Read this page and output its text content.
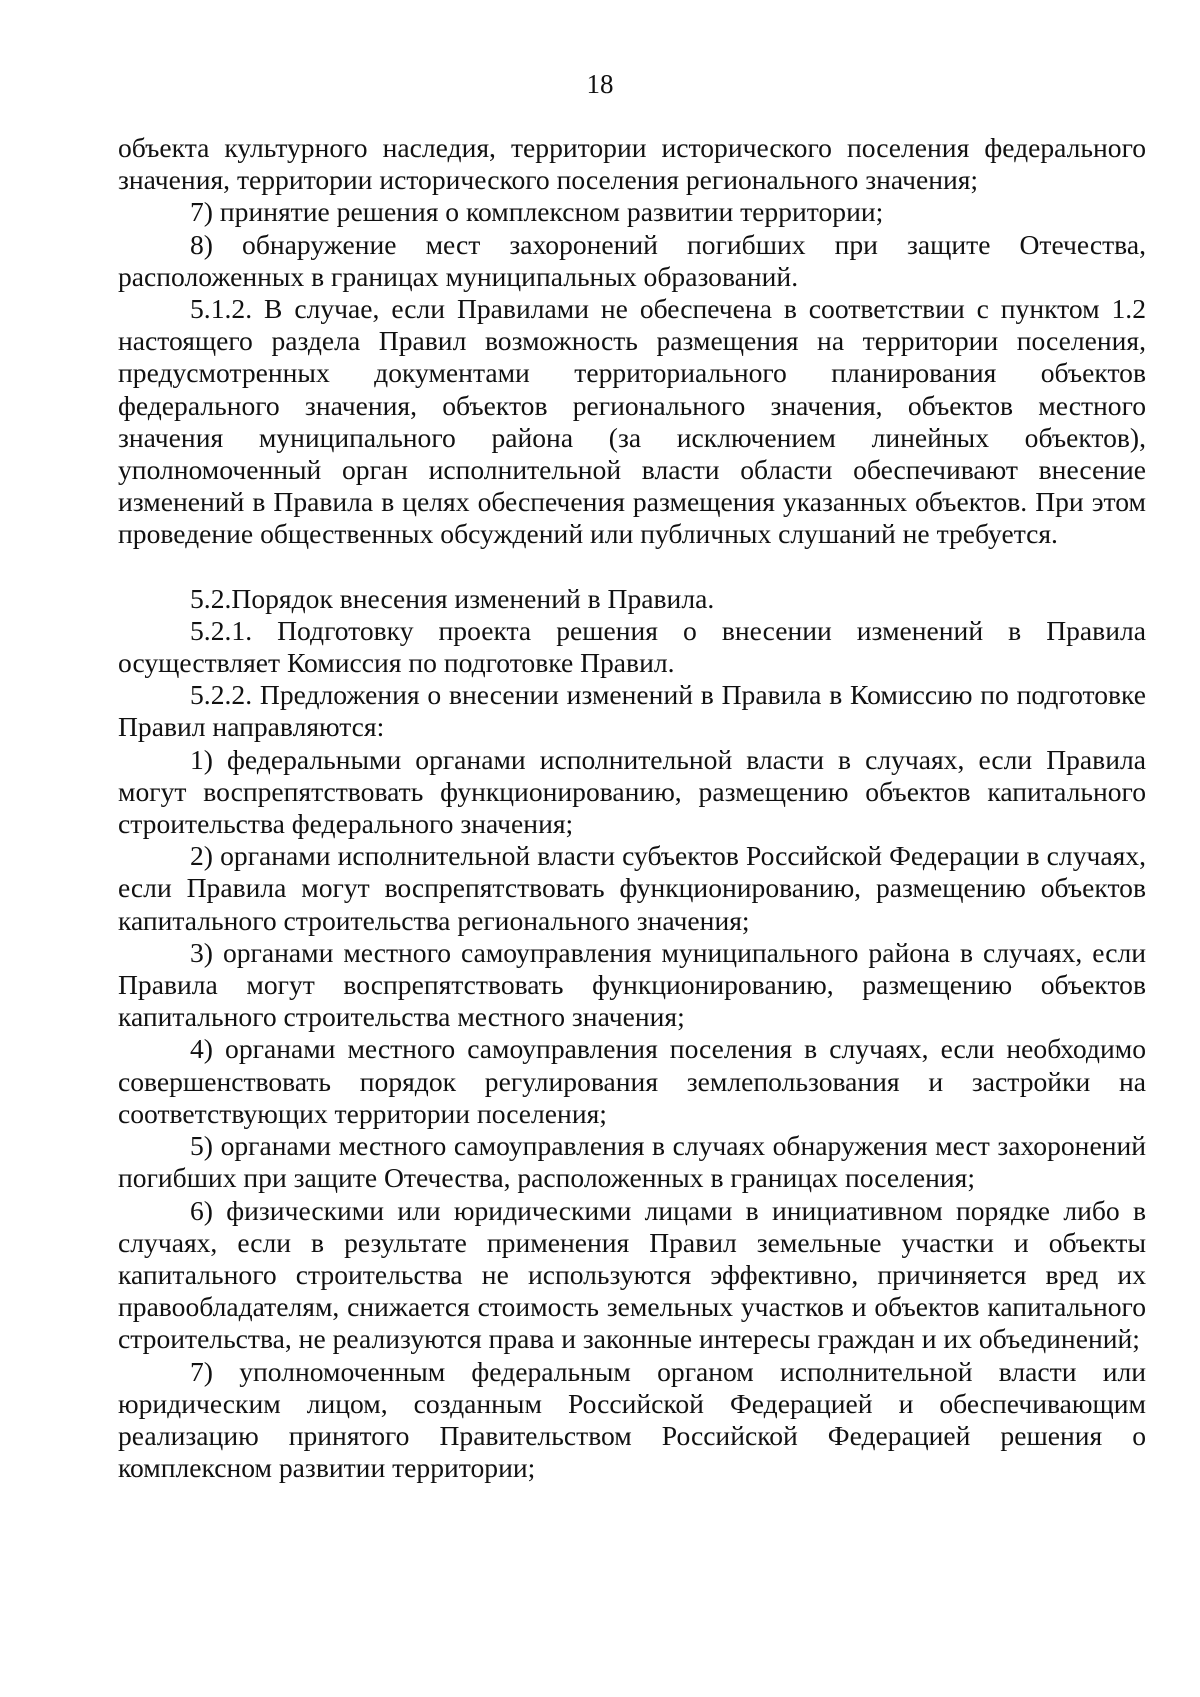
18

объекта культурного наследия, территории исторического поселения федерального значения, территории исторического поселения регионального значения;

7) принятие решения о комплексном развитии территории;

8) обнаружение мест захоронений погибших при защите Отечества, расположенных в границах муниципальных образований.

5.1.2. В случае, если Правилами не обеспечена в соответствии с пунктом 1.2 настоящего раздела Правил возможность размещения на территории поселения, предусмотренных документами территориального планирования объектов федерального значения, объектов регионального значения, объектов местного значения муниципального района (за исключением линейных объектов), уполномоченный орган исполнительной власти области обеспечивают внесение изменений в Правила в целях обеспечения размещения указанных объектов. При этом проведение общественных обсуждений или публичных слушаний не требуется.

5.2.Порядок внесения изменений в Правила.

5.2.1. Подготовку проекта решения о внесении изменений в Правила осуществляет Комиссия по подготовке Правил.

5.2.2. Предложения о внесении изменений в Правила в Комиссию по подготовке Правил направляются:

1) федеральными органами исполнительной власти в случаях, если Правила могут воспрепятствовать функционированию, размещению объектов капитального строительства федерального значения;

2) органами исполнительной власти субъектов Российской Федерации в случаях, если Правила могут воспрепятствовать функционированию, размещению объектов капитального строительства регионального значения;

3) органами местного самоуправления муниципального района в случаях, если Правила могут воспрепятствовать функционированию, размещению объектов капитального строительства местного значения;

4) органами местного самоуправления поселения в случаях, если необходимо совершенствовать порядок регулирования землепользования и застройки на соответствующих территории поселения;

5) органами местного самоуправления в случаях обнаружения мест захоронений погибших при защите Отечества, расположенных в границах поселения;

6) физическими или юридическими лицами в инициативном порядке либо в случаях, если в результате применения Правил земельные участки и объекты капитального строительства не используются эффективно, причиняется вред их правообладателям, снижается стоимость земельных участков и объектов капитального строительства, не реализуются права и законные интересы граждан и их объединений;

7) уполномоченным федеральным органом исполнительной власти или юридическим лицом, созданным Российской Федерацией и обеспечивающим реализацию принятого Правительством Российской Федерацией решения о комплексном развитии территории;
